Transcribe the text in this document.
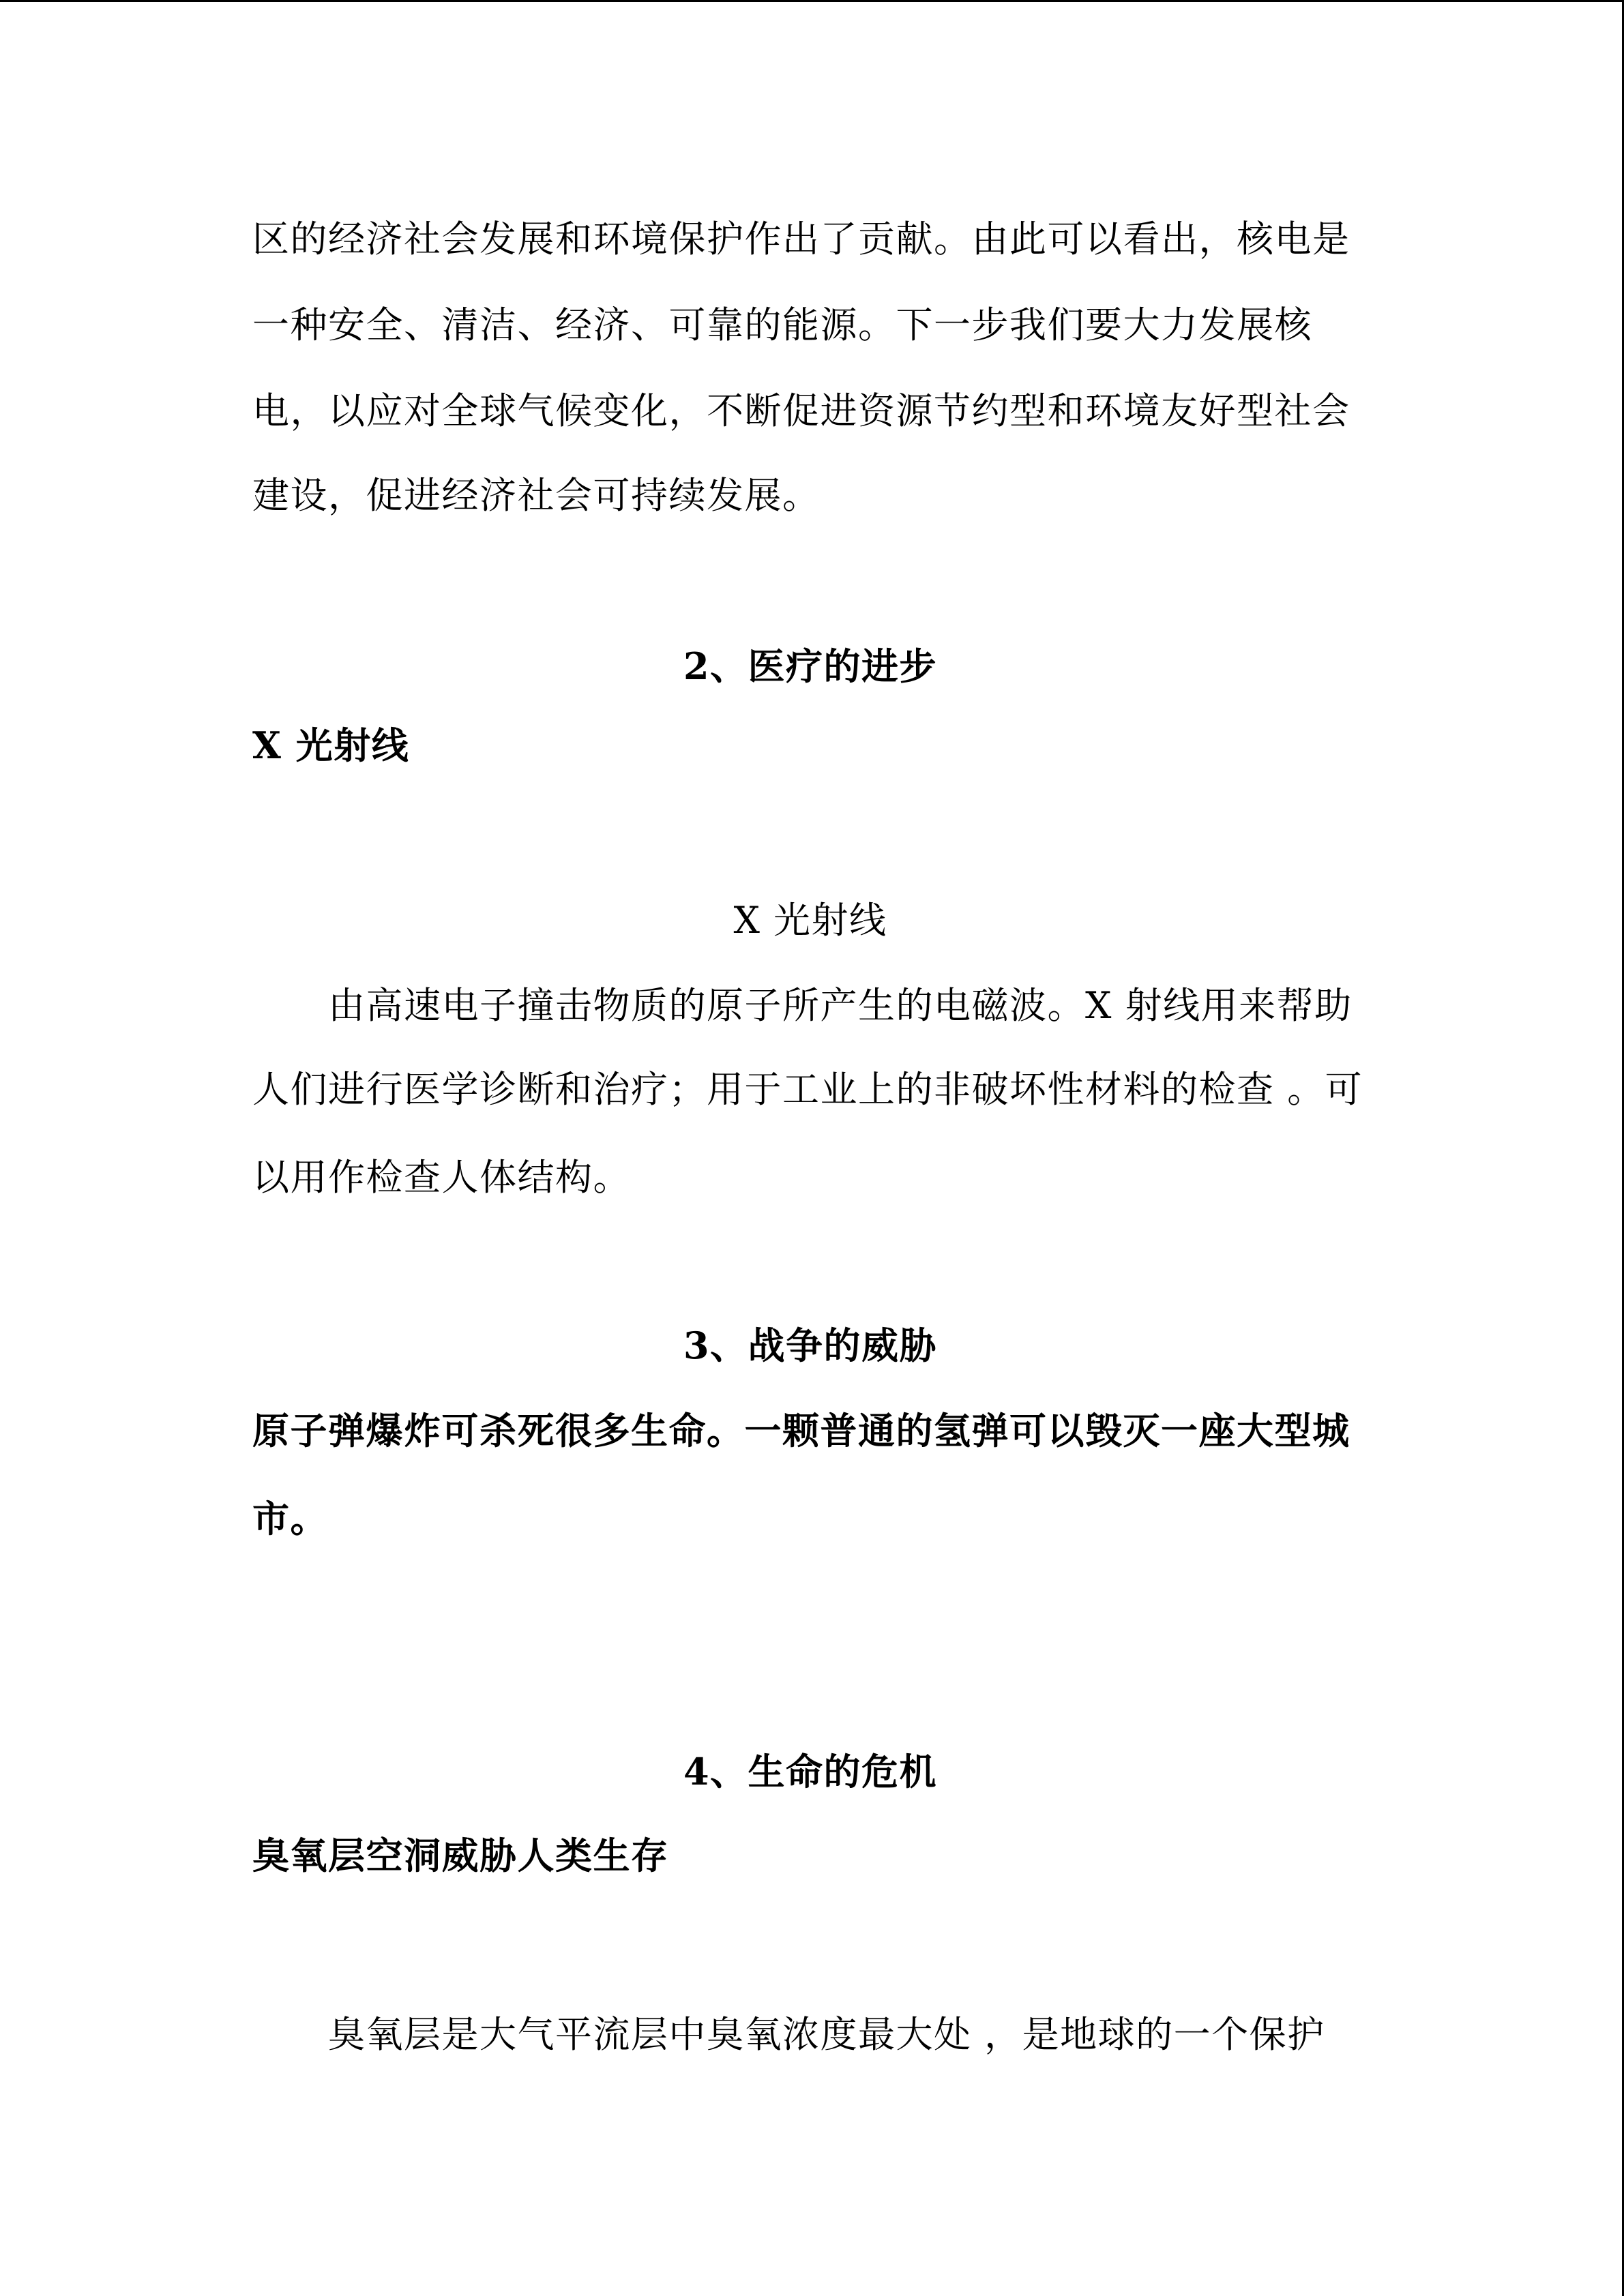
区的经济社会发展和环境保护作出了贡献。由此可以看出，核电是
一种安全、清洁、经济、可靠的能源。下一步我们要大力发展核
电，以应对全球气候变化，不断促进资源节约型和环境友好型社会
建设，促进经济社会可持续发展。
2、医疗的进步
X 光射线
X 光射线
由高速电子撞击物质的原子所产生的电磁波。X 射线用来帮助
人们进行医学诊断和治疗；用于工业上的非破坏性材料的检查 。可
以用作检查人体结构。
3、战争的威胁
原子弹爆炸可杀死很多生命。一颗普通的氢弹可以毁灭一座大型城
市。
4、生命的危机
臭氧层空洞威胁人类生存
臭氧层是大气平流层中臭氧浓度最大处 ，是地球的一个保护
